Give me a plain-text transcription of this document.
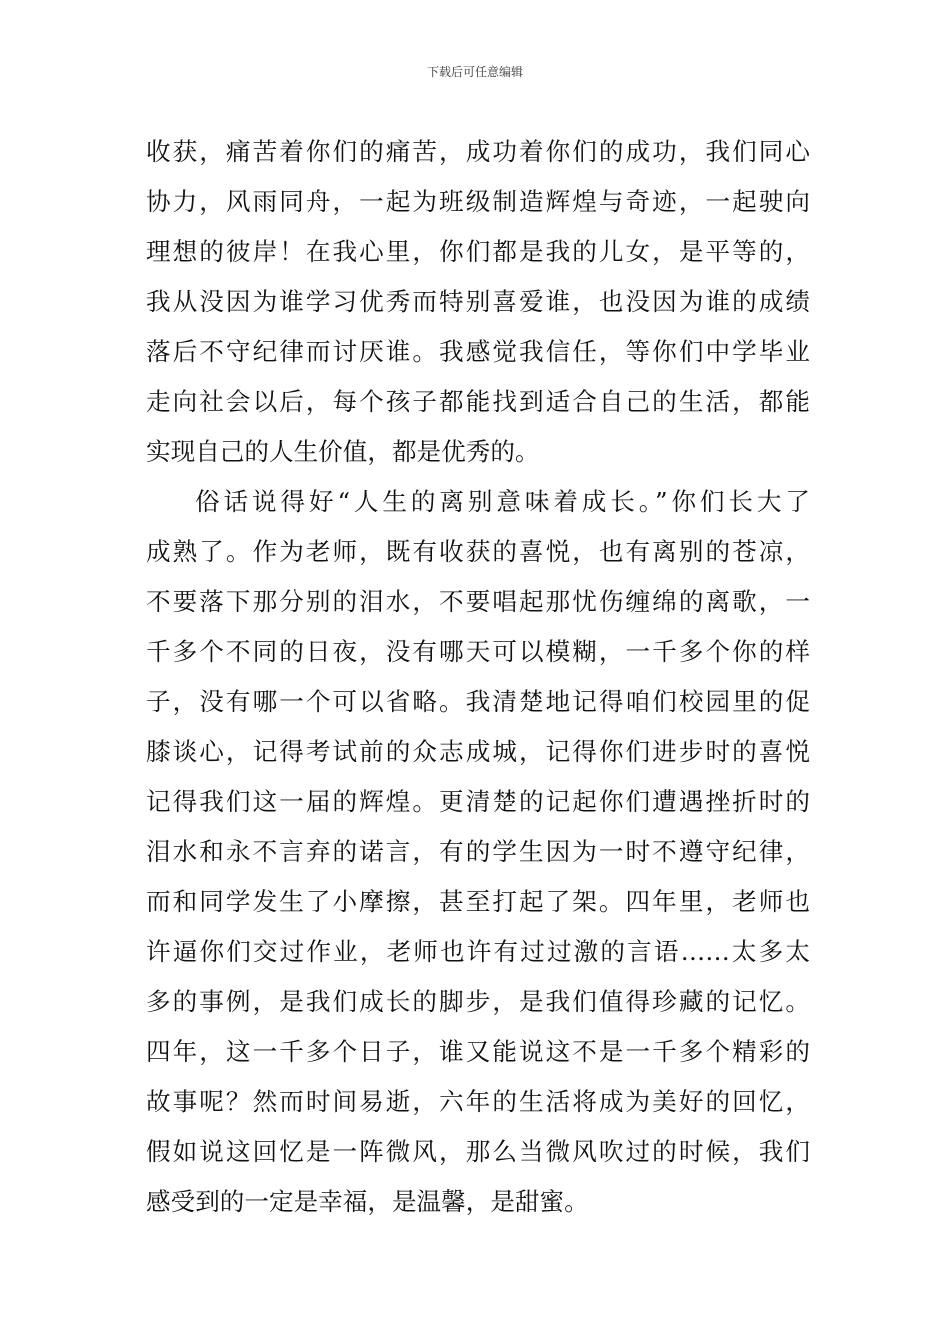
下载后可任意编辑
收获，痛苦着你们的痛苦，成功着你们的成功，我们同心
协力，风雨同舟，一起为班级制造辉煌与奇迹，一起驶向
理想的彼岸！在我心里，你们都是我的儿女，是平等的，
我从没因为谁学习优秀而特别喜爱谁，也没因为谁的成绩
落后不守纪律而讨厌谁。我感觉我信任，等你们中学毕业
走向社会以后，每个孩子都能找到适合自己的生活，都能
实现自己的人生价值，都是优秀的。
俗话说得好“人生的离别意味着成长。”你们长大了
成熟了。作为老师，既有收获的喜悦，也有离别的苍凉，
不要落下那分别的泪水，不要唱起那忧伤缠绵的离歌，一
千多个不同的日夜，没有哪天可以模糊，一千多个你的样
子，没有哪一个可以省略。我清楚地记得咱们校园里的促
膝谈心，记得考试前的众志成城，记得你们进步时的喜悦
记得我们这一届的辉煌。更清楚的记起你们遭遇挫折时的
泪水和永不言弃的诺言，有的学生因为一时不遵守纪律，
而和同学发生了小摩擦，甚至打起了架。四年里，老师也
许逼你们交过作业，老师也许有过过激的言语……太多太
多的事例，是我们成长的脚步，是我们值得珍藏的记忆。
四年，这一千多个日子，谁又能说这不是一千多个精彩的
故事呢？然而时间易逝，六年的生活将成为美好的回忆，
假如说这回忆是一阵微风，那么当微风吹过的时候，我们
感受到的一定是幸福，是温馨，是甜蜜。
